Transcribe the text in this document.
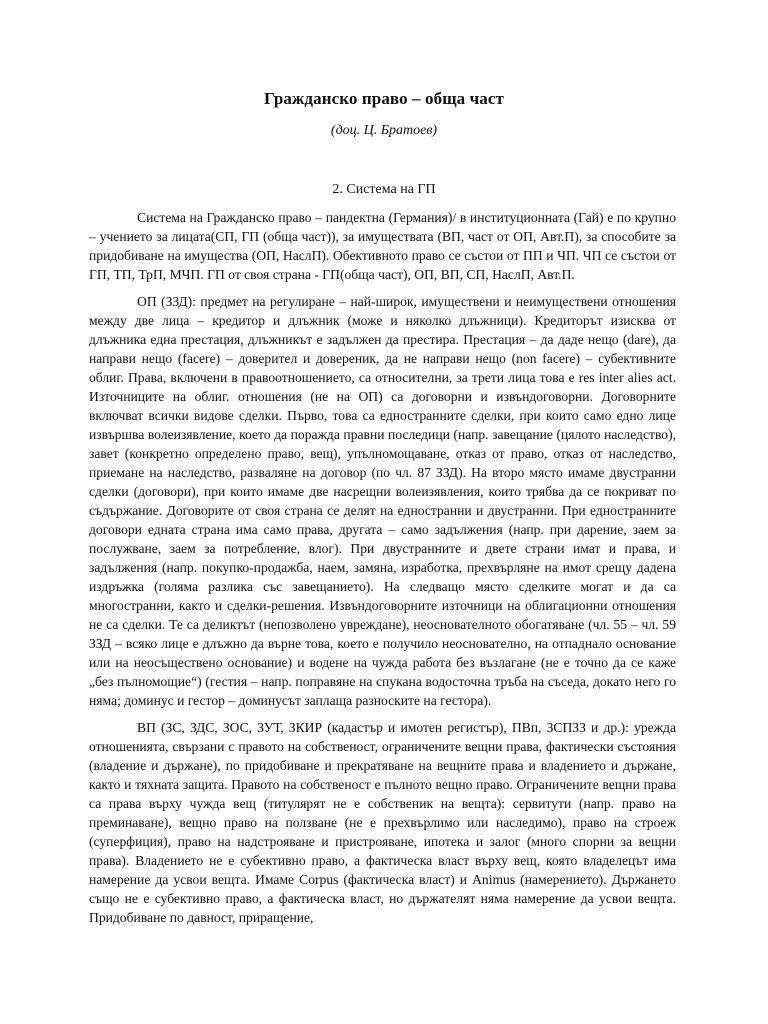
Гражданско право – обща част
(доц. Ц. Братоев)
2. Система на ГП

Система на Гражданско право – пандектна (Германия)/ в институционната (Гай) е по крупно – учението за лицата(СП, ГП (обща част)), за имуществата (ВП, част от ОП, Авт.П), за способите за придобиване на имущества (ОП, НаслП). Обективното право се състои от ПП и ЧП. ЧП се състои от ГП, ТП, ТрП, МЧП. ГП от своя страна - ГП(обща част), ОП, ВП, СП, НаслП, Авт.П.

ОП (ЗЗД): предмет на регулиране – най-широк, имуществени и неимуществени отношения между две лица – кредитор и длъжник (може и няколко длъжници). Кредиторът изисква от длъжника една престация, длъжникът е задължен да престира. Престация – да даде нещо (dare), да направи нещо (facere) – доверител и довереник, да не направи нещо (non facere) – субективните облиг. Права, включени в правоотношението, са относителни, за трети лица това е res inter alies act. Източниците на облиг. отношения (не на ОП) са договорни и извъндоговорни. Договорните включват всички видове сделки. Първо, това са едностранните сделки, при които само едно лице извършва волеизявление, което да поражда правни последици (напр. завещание (цялото наследство), завет (конкретно определено право, вещ), упълномощаване, отказ от право, отказ от наследство, приемане на наследство, разваляне на договор (по чл. 87 ЗЗД). На второ място имаме двустранни сделки (договори), при които имаме две насрещни волеизявления, които трябва да се покриват по съдържание. Договорите от своя страна се делят на едностранни и двустранни. При едностранните договори едната страна има само права, другата – само задължения (напр. при дарение, заем за послужване, заем за потребление, влог). При двустранните и двете страни имат и права, и задължения (напр. покупко-продажба, наем, замяна, изработка, прехвърляне на имот срещу дадена издръжка (голяма разлика със завещанието). На следващо място сделките могат и да са многостранни, както и сделки-решения. Извъндоговорните източници на облигационни отношения не са сделки. Те са деликтът (непозволено увреждане), неоснователното обогатяване (чл. 55 – чл. 59 ЗЗД – всяко лице е длъжно да върне това, което е получило неоснователно, на отпаднало основание или на неосъществено основание) и водене на чужда работа без възлагане (не е точно да се каже „без пълномощие“) (гестия – напр. поправяне на спукана водосточна тръба на съседа, докато него го няма; доминус и гестор – доминусът заплаща разноските на гестора).

ВП (ЗС, ЗДС, ЗОС, ЗУТ, ЗКИР (кадастър и имотен регистър), ПВп, ЗСПЗЗ и др.): урежда отношенията, свързани с правото на собственост, ограничените вещни права, фактически състояния (владение и държане), по придобиване и прекратяване на вещните права и владението и държане, както и тяхната защита. Правото на собственост е пълното вещно право. Ограничените вещни права са права върху чужда вещ (титулярят не е собственик на вещта): сервитути (напр. право на преминаване), вещно право на ползване (не е прехвърлимо или наследимо), право на строеж (суперфиция), право на надстрояване и пристрояване, ипотека и залог (много спорни за вещни права). Владението не е субективно право, а фактическа власт върху вещ, която владелецът има намерение да усвои вещта. Имаме Corpus (фактическа власт) и Animus (намерението). Държането също не е субективно право, а фактическа власт, но държателят няма намерение да усвои вещта. Придобиване по давност, приращение,
